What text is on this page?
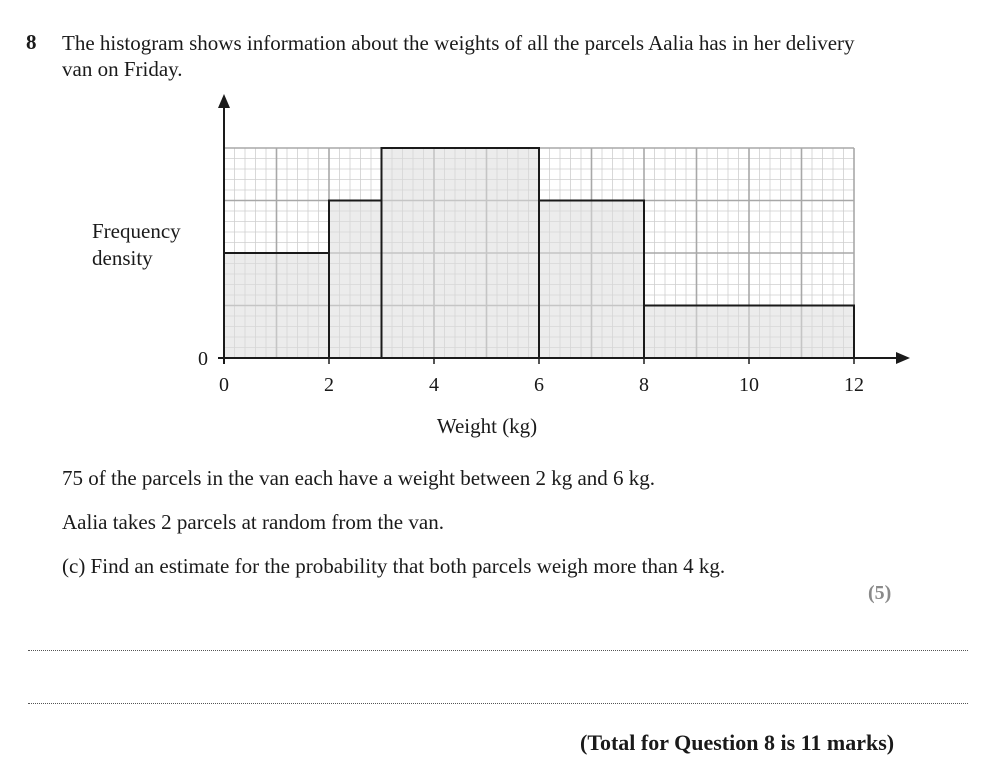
8 The histogram shows information about the weights of all the parcels Aalia has in her delivery van on Friday.
Frequency density
0	2	4	6	8	10	12
0
Weight (kg)
75 of the parcels in the van each have a weight between 2 kg and 6 kg.
Aalia takes 2 parcels at random from the van.
(c) Find an estimate for the probability that both parcels weigh more than 4 kg.
(5)
(Total for Question 8 is 11 marks)
